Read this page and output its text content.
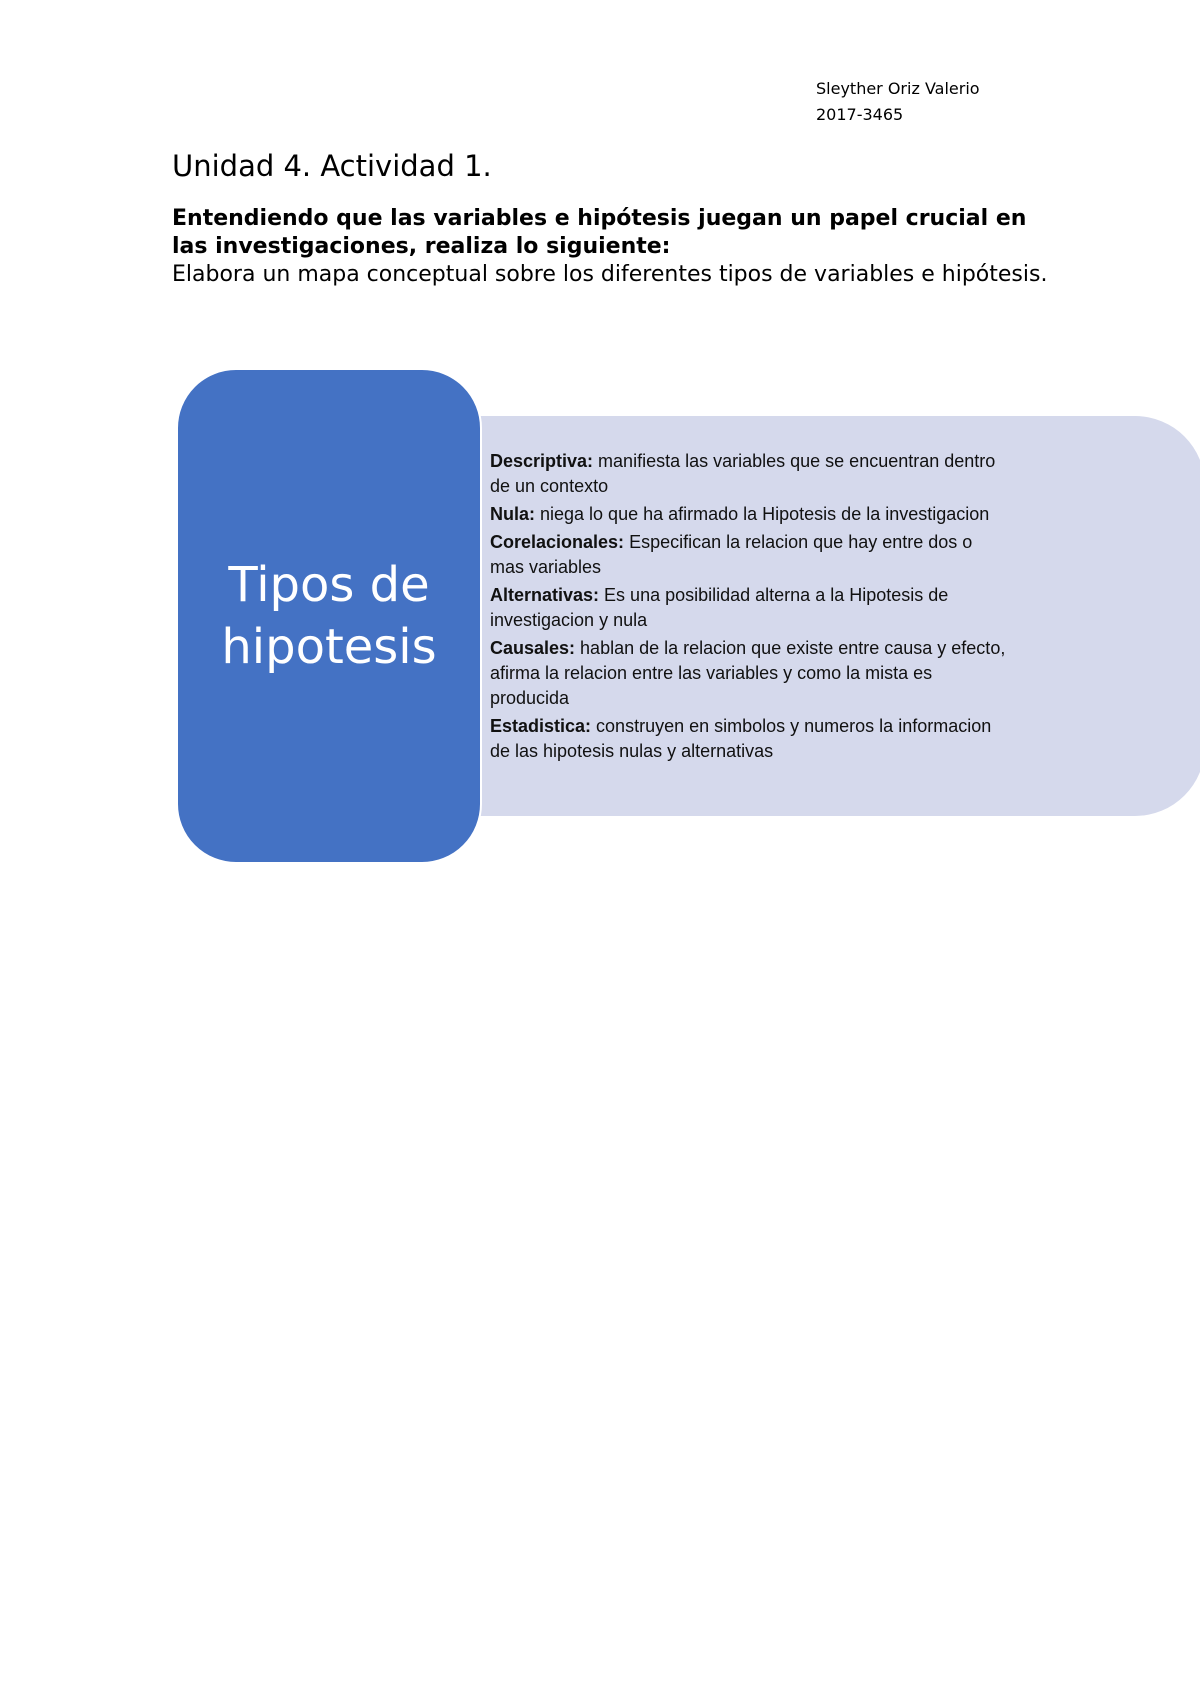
Sleyther Oriz Valerio
2017-3465
Unidad 4. Actividad 1.
Entendiendo que las variables e hipótesis juegan un papel crucial en las investigaciones, realiza lo siguiente:
Elabora un mapa conceptual sobre los diferentes tipos de variables e hipótesis.
Tipos de hipotesis
Descriptiva: manifiesta las variables que se encuentran dentro de un contexto
Nula: niega lo que ha afirmado la Hipotesis de la investigacion
Corelacionales: Especifican la relacion que hay entre dos o mas variables
Alternativas: Es una posibilidad alterna a la Hipotesis de investigacion y nula
Causales: hablan de la relacion que existe entre causa y efecto, afirma la relacion entre las variables y como la mista es producida
Estadistica: construyen en simbolos y numeros la informacion de las hipotesis nulas y alternativas
